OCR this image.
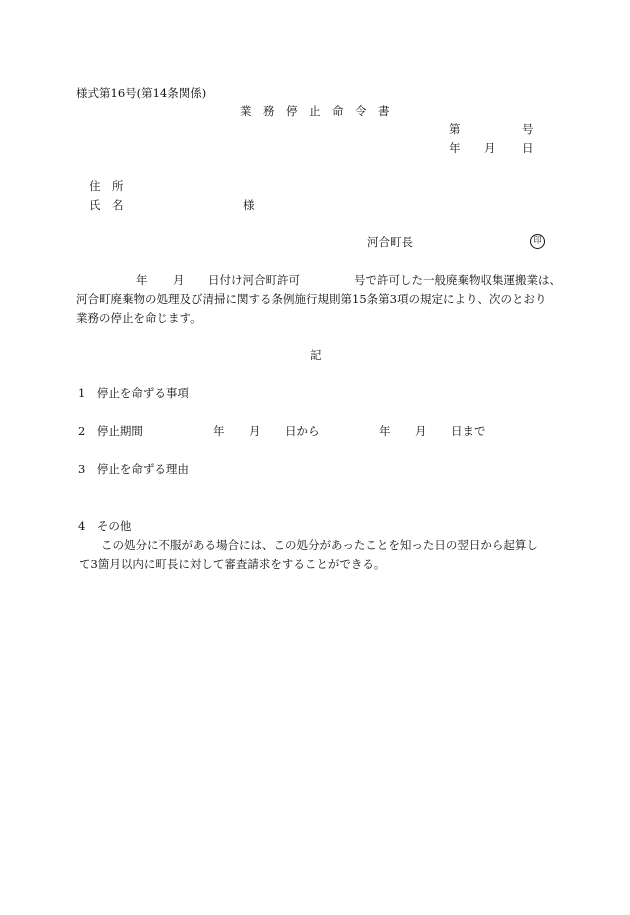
様式第16号(第14条関係)
業　務　停　止　命　令　書
第	号
年 月 日
住　所
氏　名	様
河合町長	印
年 月 日付け河合町許可	号で許可した一般廃棄物収集運搬業は、
河合町廃棄物の処理及び清掃に関する条例施行規則第15条第3項の規定により、次のとおり
業務の停止を命じます。
記
1　停止を命ずる事項
2　停止期間	年 月 日から	年 月 日まで
3　停止を命ずる理由
4　その他
この処分に不服がある場合には、この処分があったことを知った日の翌日から起算し
て3箇月以内に町長に対して審査請求をすることができる。
